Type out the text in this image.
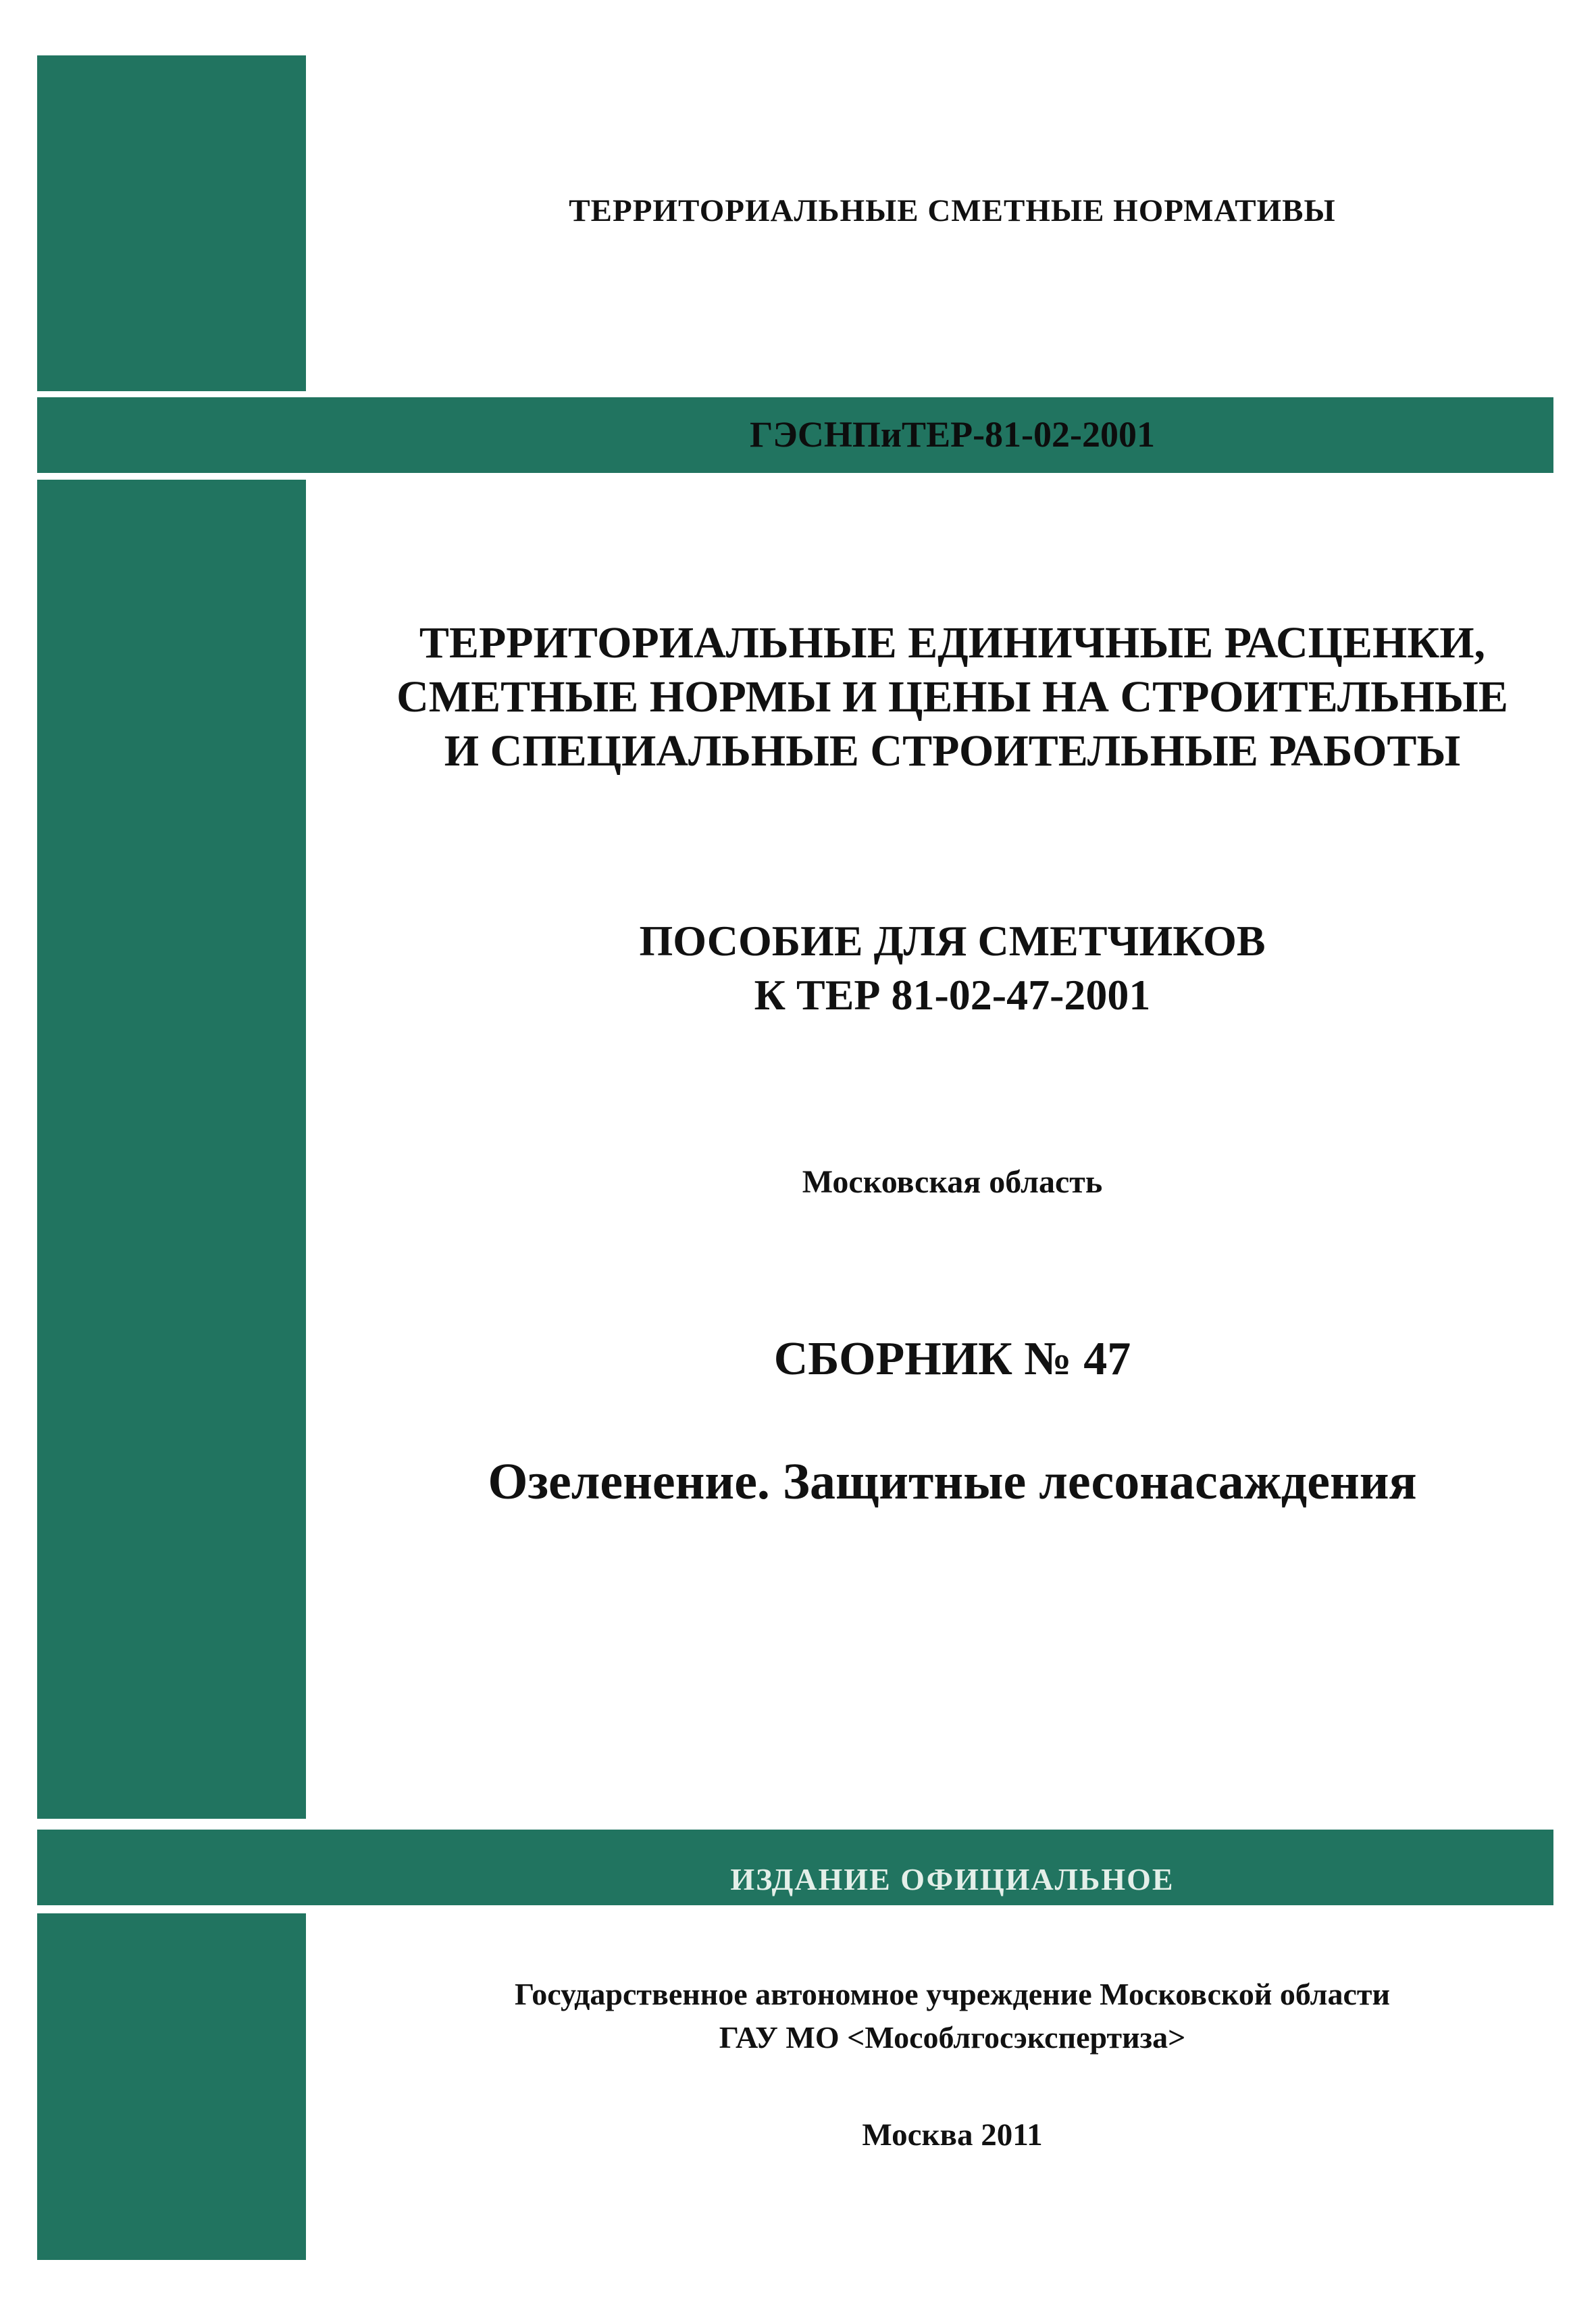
ТЕРРИТОРИАЛЬНЫЕ СМЕТНЫЕ НОРМАТИВЫ
ГЭСНПиТЕР-81-02-2001
ТЕРРИТОРИАЛЬНЫЕ ЕДИНИЧНЫЕ РАСЦЕНКИ,
СМЕТНЫЕ НОРМЫ И ЦЕНЫ НА СТРОИТЕЛЬНЫЕ
И СПЕЦИАЛЬНЫЕ СТРОИТЕЛЬНЫЕ РАБОТЫ
ПОСОБИЕ ДЛЯ СМЕТЧИКОВ
К ТЕР 81-02-47-2001
Московская область
СБОРНИК № 47
Озеленение. Защитные лесонасаждения
ИЗДАНИЕ ОФИЦИАЛЬНОЕ
Государственное автономное учреждение Московской области
ГАУ МО <Мособлгосэкспертиза>
Москва 2011
